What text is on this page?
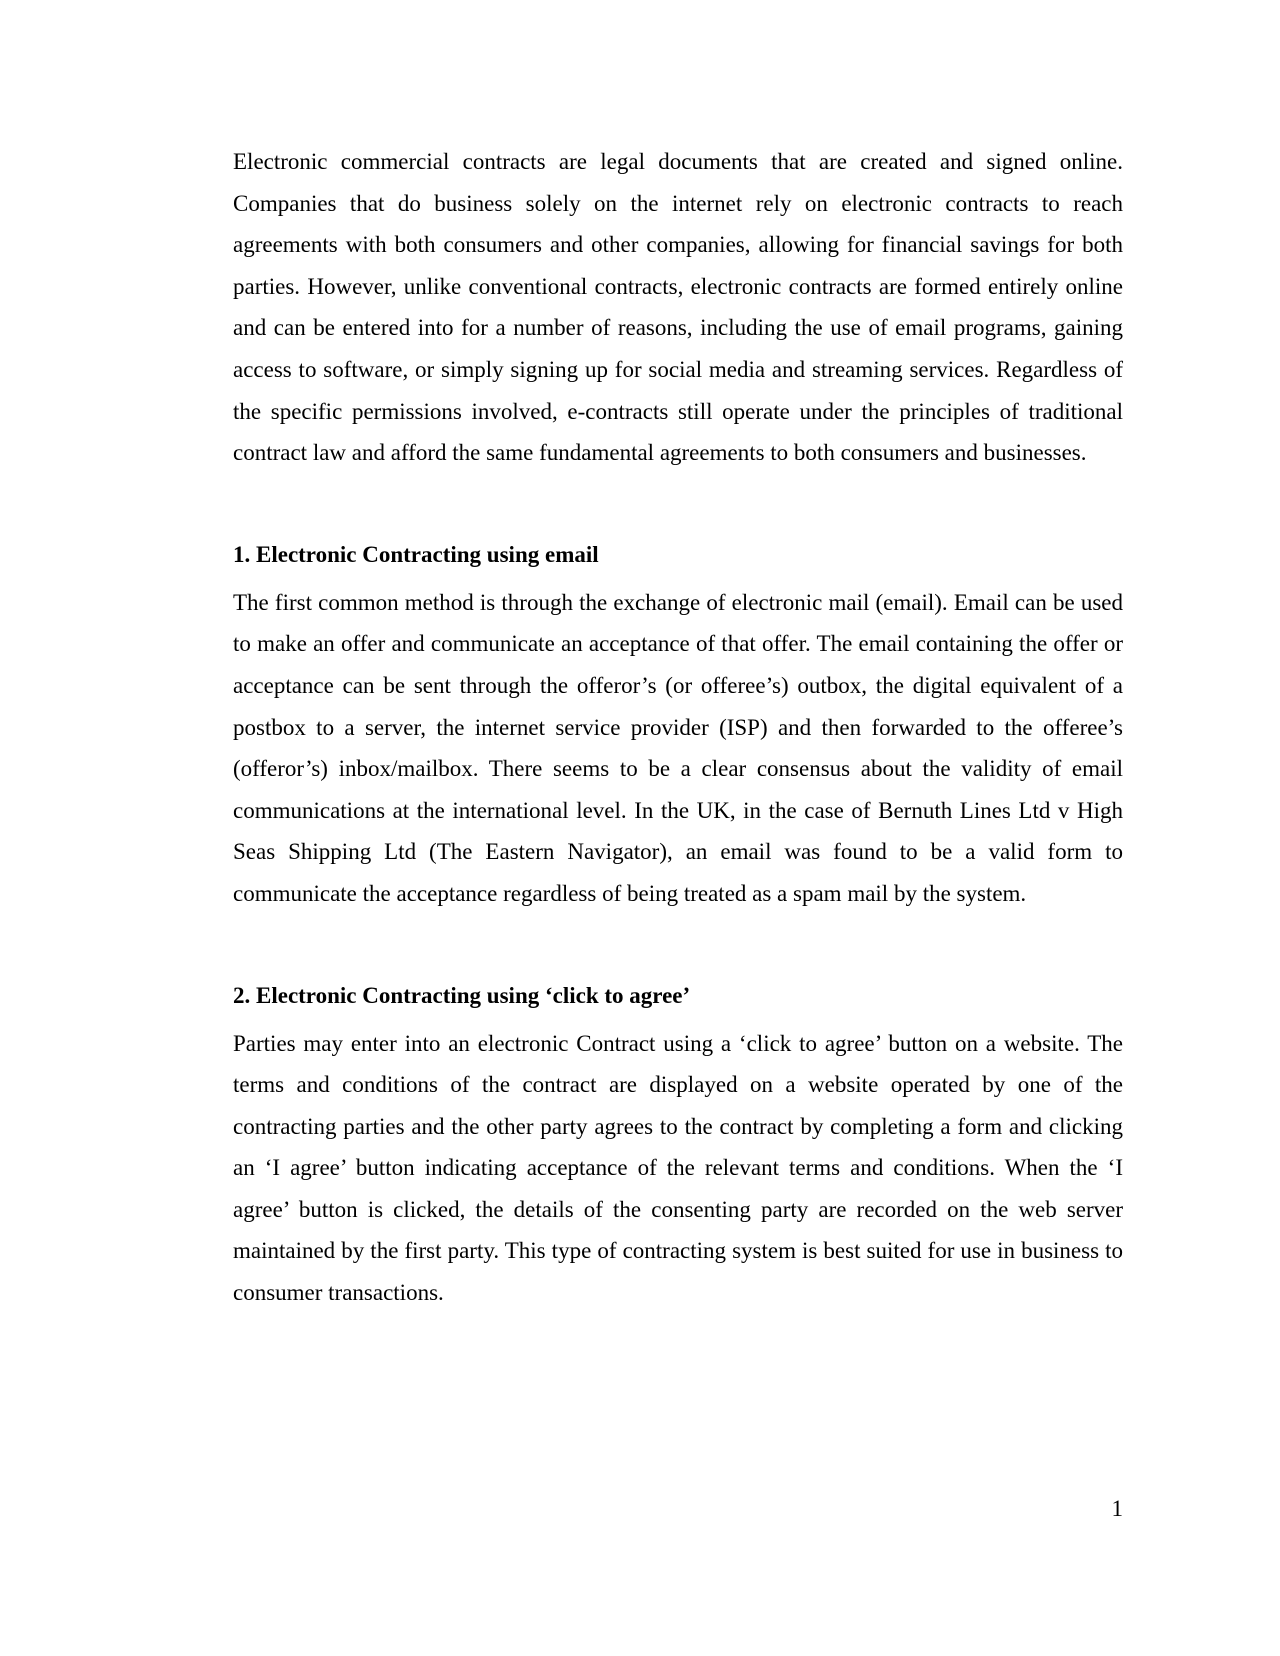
Electronic commercial contracts are legal documents that are created and signed online. Companies that do business solely on the internet rely on electronic contracts to reach agreements with both consumers and other companies, allowing for financial savings for both parties. However, unlike conventional contracts, electronic contracts are formed entirely online and can be entered into for a number of reasons, including the use of email programs, gaining access to software, or simply signing up for social media and streaming services. Regardless of the specific permissions involved, e-contracts still operate under the principles of traditional contract law and afford the same fundamental agreements to both consumers and businesses.

1. Electronic Contracting using email

The first common method is through the exchange of electronic mail (email). Email can be used to make an offer and communicate an acceptance of that offer. The email containing the offer or acceptance can be sent through the offeror’s (or offeree’s) outbox, the digital equivalent of a postbox to a server, the internet service provider (ISP) and then forwarded to the offeree’s (offeror’s) inbox/mailbox. There seems to be a clear consensus about the validity of email communications at the international level. In the UK, in the case of Bernuth Lines Ltd v High Seas Shipping Ltd (The Eastern Navigator), an email was found to be a valid form to communicate the acceptance regardless of being treated as a spam mail by the system.

2. Electronic Contracting using ‘click to agree’

Parties may enter into an electronic Contract using a ‘click to agree’ button on a website. The terms and conditions of the contract are displayed on a website operated by one of the contracting parties and the other party agrees to the contract by completing a form and clicking an ‘I agree’ button indicating acceptance of the relevant terms and conditions. When the ‘I agree’ button is clicked, the details of the consenting party are recorded on the web server maintained by the first party. This type of contracting system is best suited for use in business to consumer transactions.

1
